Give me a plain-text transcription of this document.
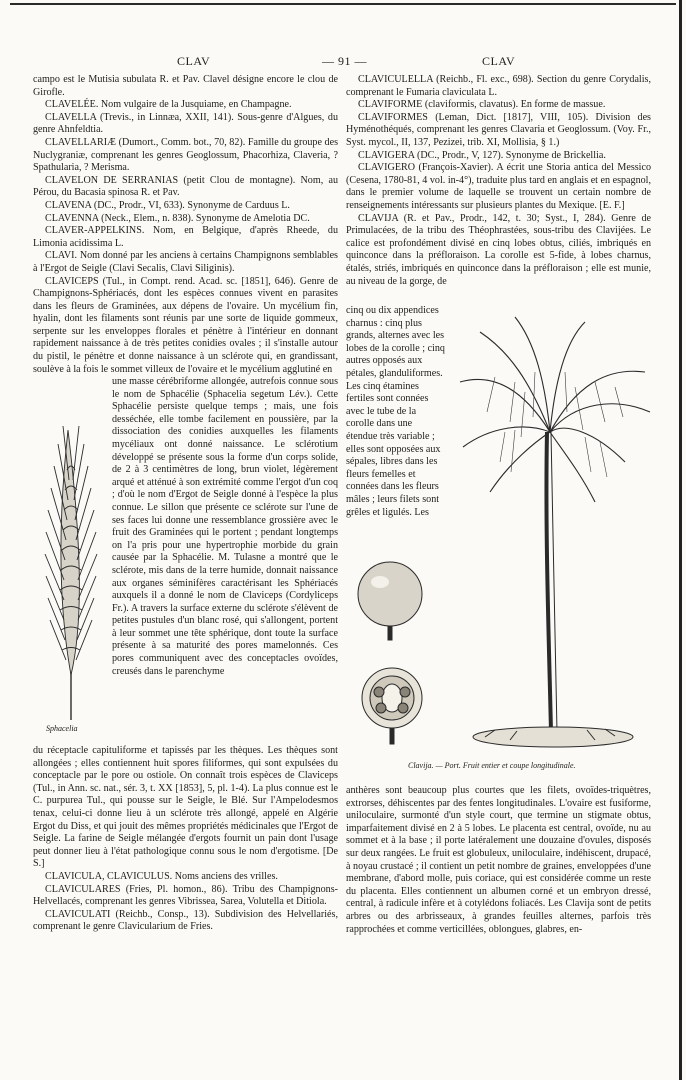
CLAV	— 91 —	CLAV

campo est le Mutisia subulata R. et Pav. Clavel désigne encore le clou de Girofle.

CLAVELÉE. Nom vulgaire de la Jusquiame, en Champagne.

CLAVELLA (Trevis., in Linnæa, XXII, 141). Sous-genre d'Algues, du genre Ahnfeldtia.

CLAVELLARIÆ (Dumort., Comm. bot., 70, 82). Famille du groupe des Nuclygraniæ, comprenant les genres Geoglossum, Phacorhiza, Claveria, ? Spathularia, ? Merisma.

CLAVELON DE SERRANIAS (petit Clou de montagne). Nom, au Pérou, du Bacasia spinosa R. et Pav.

CLAVENA (DC., Prodr., VI, 633). Synonyme de Carduus L.

CLAVENNA (Neck., Elem., n. 838). Synonyme de Amelotia DC.

CLAVER-APPELKINS. Nom, en Belgique, d'après Rheede, du Limonia acidissima L.

CLAVI. Nom donné par les anciens à certains Champignons semblables à l'Ergot de Seigle (Clavi Secalis, Clavi Siliginis).

CLAVICEPS (Tul., in Compt. rend. Acad. sc. [1851], 646). Genre de Champignons-Sphériacés, dont les espèces connues vivent en parasites dans les fleurs de Graminées, aux dépens de l'ovaire. Un mycélium fin, hyalin, dont les filaments sont réunis par une sorte de liquide gommeux, serpente sur les enveloppes florales et pénètre à l'intérieur en donnant rapidement naissance à de très petites conidies ovales ; il s'installe autour du pistil, le pénètre et donne naissance à un sclérote qui, en grandissant, soulève à la fois le sommet villeux de l'ovaire et le mycélium agglutiné en

Sphacelia

une masse cérébriforme allongée, autrefois connue sous le nom de Sphacélie (Sphacelia segetum Lév.). Cette Sphacélie persiste quelque temps ; mais, une fois desséchée, elle tombe facilement en poussière, par la dissociation des conidies auxquelles les filaments mycéliaux ont donné naissance. Le sclérotium développé se présente sous la forme d'un corps solide, de 2 à 3 centimètres de long, brun violet, légèrement arqué et atténué à son extrémité comme l'ergot d'un coq ; d'où le nom d'Ergot de Seigle donné à l'espèce la plus connue. Le sillon que présente ce sclérote sur l'une de ses faces lui donne une ressemblance grossière avec le fruit des Graminées qui le portent ; pendant longtemps on l'a pris pour une hypertrophie morbide du grain causée par la Sphacélie. M. Tulasne a montré que le sclérote, mis dans de la terre humide, donnait naissance aux organes séminifères caractérisant les Sphériacés auxquels il a donné le nom de Claviceps (Cordyliceps Fr.). A travers la surface externe du sclérote s'élèvent de petites pustules d'un blanc rosé, qui s'allongent, portent à leur sommet une tête sphérique, dont toute la surface présente à sa maturité des pores mamelonnés. Ces pores communiquent avec des conceptacles ovoïdes, creusés dans le parenchyme

du réceptacle capituliforme et tapissés par les thèques. Les thèques sont allongées ; elles contiennent huit spores filiformes, qui sont expulsées du conceptacle par le pore ou ostiole. On connaît trois espèces de Claviceps (Tul., in Ann. sc. nat., sér. 3, t. XX [1853], 5, pl. 1-4). La plus connue est le C. purpurea Tul., qui pousse sur le Seigle, le Blé. Sur l'Ampelodesmos tenax, celui-ci donne lieu à un sclérote très allongé, appelé en Algérie Ergot du Diss, et qui jouit des mêmes propriétés médicinales que l'Ergot de Seigle. La farine de Seigle mélangée d'ergots fournit un pain dont l'usage peut donner lieu à l'état pathologique connu sous le nom d'ergotisme. [De S.]

CLAVICULA, CLAVICULUS. Noms anciens des vrilles.

CLAVICULARES (Fries, Pl. homon., 86). Tribu des Champignons-Helvellacés, comprenant les genres Vibrissea, Sarea, Volutella et Ditiola.

CLAVICULATI (Reichb., Consp., 13). Subdivision des Helvellariés, comprenant le genre Clavicularium de Fries.

CLAVICULELLA (Reichb., Fl. exc., 698). Section du genre Corydalis, comprenant le Fumaria claviculata L.

CLAVIFORME (claviformis, clavatus). En forme de massue.

CLAVIFORMES (Leman, Dict. [1817], VIII, 105). Division des Hyménothéqués, comprenant les genres Clavaria et Geoglossum. (Voy. Fr., Syst. mycol., II, 137, Pezizei, trib. XI, Mollisia, § 1.)

CLAVIGERA (DC., Prodr., V, 127). Synonyme de Brickellia.

CLAVIGERO (François-Xavier). A écrit une Storia antica del Messico (Cesena, 1780-81, 4 vol. in-4°), traduite plus tard en anglais et en espagnol, dans le premier volume de laquelle se trouvent un certain nombre de renseignements intéressants sur plusieurs plantes du Mexique. [E. F.]

CLAVIJA (R. et Pav., Prodr., 142, t. 30; Syst., I, 284). Genre de Primulacées, de la tribu des Théophrastées, sous-tribu des Clavijées. Le calice est profondément divisé en cinq lobes obtus, ciliés, imbriqués en quinconce dans la préfloraison. La corolle est 5-fide, à lobes charnus, étalés, striés, imbriqués en quinconce dans la préfloraison ; elle est munie, au niveau de la gorge, de

cinq ou dix appendices charnus : cinq plus grands, alternes avec les lobes de la corolle ; cinq autres opposés aux pétales, glanduliformes. Les cinq étamines fertiles sont connées avec le tube de la corolle dans une étendue très variable ; elles sont opposées aux sépales, libres dans les fleurs femelles et connées dans les fleurs mâles ; leurs filets sont grêles et ligulés. Les

Clavija. — Port. Fruit entier et coupe longitudinale.

anthères sont beaucoup plus courtes que les filets, ovoïdes-triquètres, extrorses, déhiscentes par des fentes longitudinales. L'ovaire est fusiforme, uniloculaire, surmonté d'un style court, que termine un stigmate obtus, imparfaitement divisé en 2 à 5 lobes. Le placenta est central, ovoïde, nu au sommet et à la base ; il porte latéralement une douzaine d'ovules, disposés sur deux rangées. Le fruit est globuleux, uniloculaire, indéhiscent, drupacé, à noyau crustacé ; il contient un petit nombre de graines, enveloppées d'une membrane, d'abord molle, puis coriace, qui est considérée comme un reste du placenta. Elles contiennent un albumen corné et un embryon dressé, central, à radicule infère et à cotylédons foliacés. Les Clavija sont de petits arbres ou des arbrisseaux, à grandes feuilles alternes, parfois très rapprochées et comme verticillées, oblongues, glabres, en-
